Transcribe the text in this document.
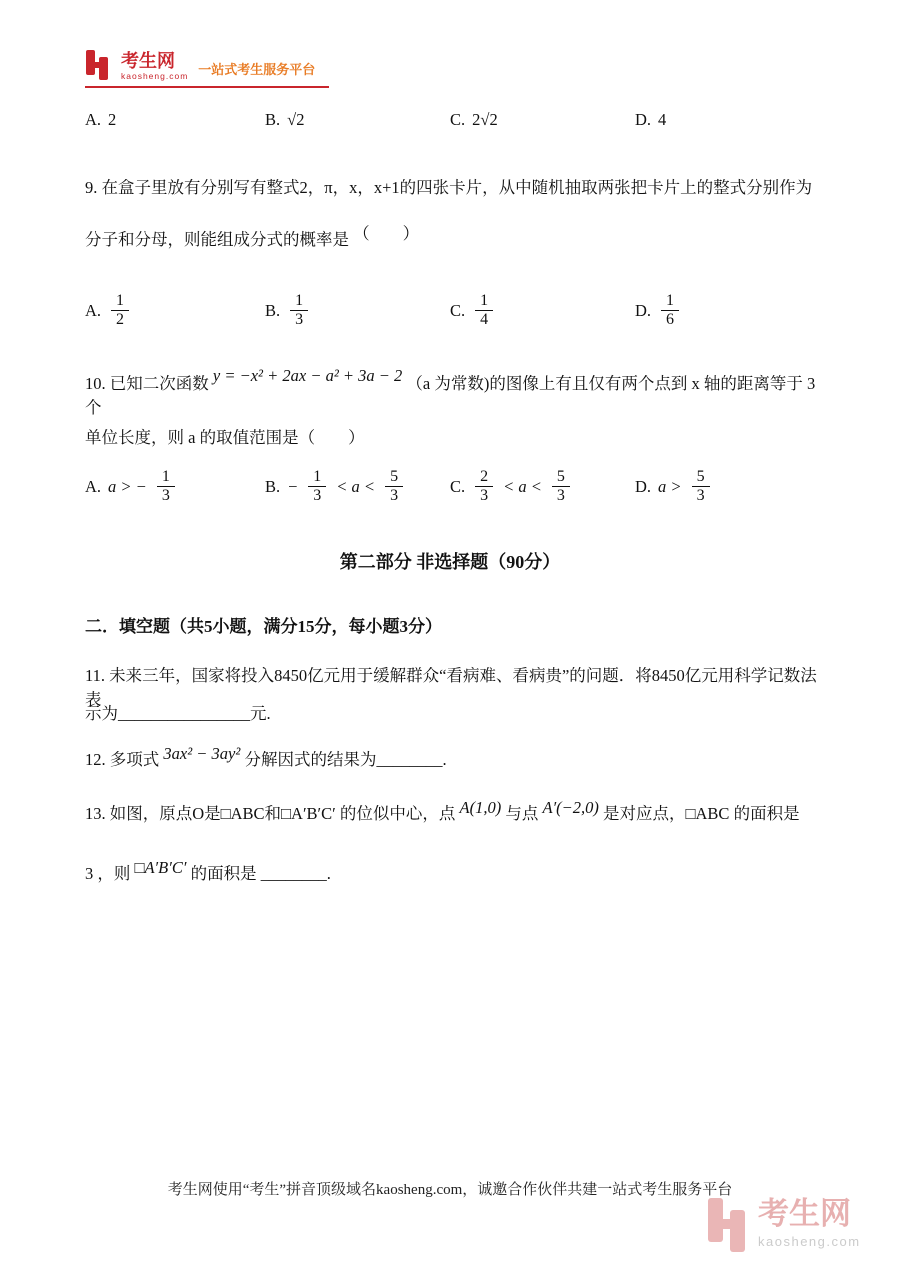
考生网
kaosheng.com 一站式考生服务平台
A. 2	B. √2	C. 2√2	D. 4
9. 在盒子里放有分别写有整式2，π，x，x+1的四张卡片，从中随机抽取两张把卡片上的整式分别作为
分子和分母，则能组成分式的概率是 （　　）
A. $\frac{1}{2}$	B. $\frac{1}{3}$	C. $\frac{1}{4}$	D. $\frac{1}{6}$
10. 已知二次函数 y = −x² + 2ax − a² + 3a − 2 （a 为常数)的图像上有且仅有两个点到 x 轴的距离等于 3 个
单位长度，则 a 的取值范围是（　　）
A. a > − $\frac{1}{3}$	B. − $\frac{1}{3} < a < \frac{5}{3}$	C. $\frac{2}{3} < a < \frac{5}{3}$	D. $a > \frac{5}{3}$
第二部分 非选择题（90分）
二．填空题（共5小题，满分15分，每小题3分）
11. 未来三年，国家将投入8450亿元用于缓解群众“看病难、看病贵”的问题．将8450亿元用科学记数法表
示为________________元.
12. 多项式 3ax² − 3ay² 分解因式的结果为________.
13. 如图，原点O是□ABC和□A′B′C′ 的位似中心，点 A(1,0) 与点 A′(−2,0) 是对应点，□ABC 的面积是
3 ，则 □A′B′C′ 的面积是 ________.
考生网使用“考生”拼音顶级域名kaosheng.com，诚邀合作伙伴共建一站式考生服务平台
考生网
kaosheng.com
